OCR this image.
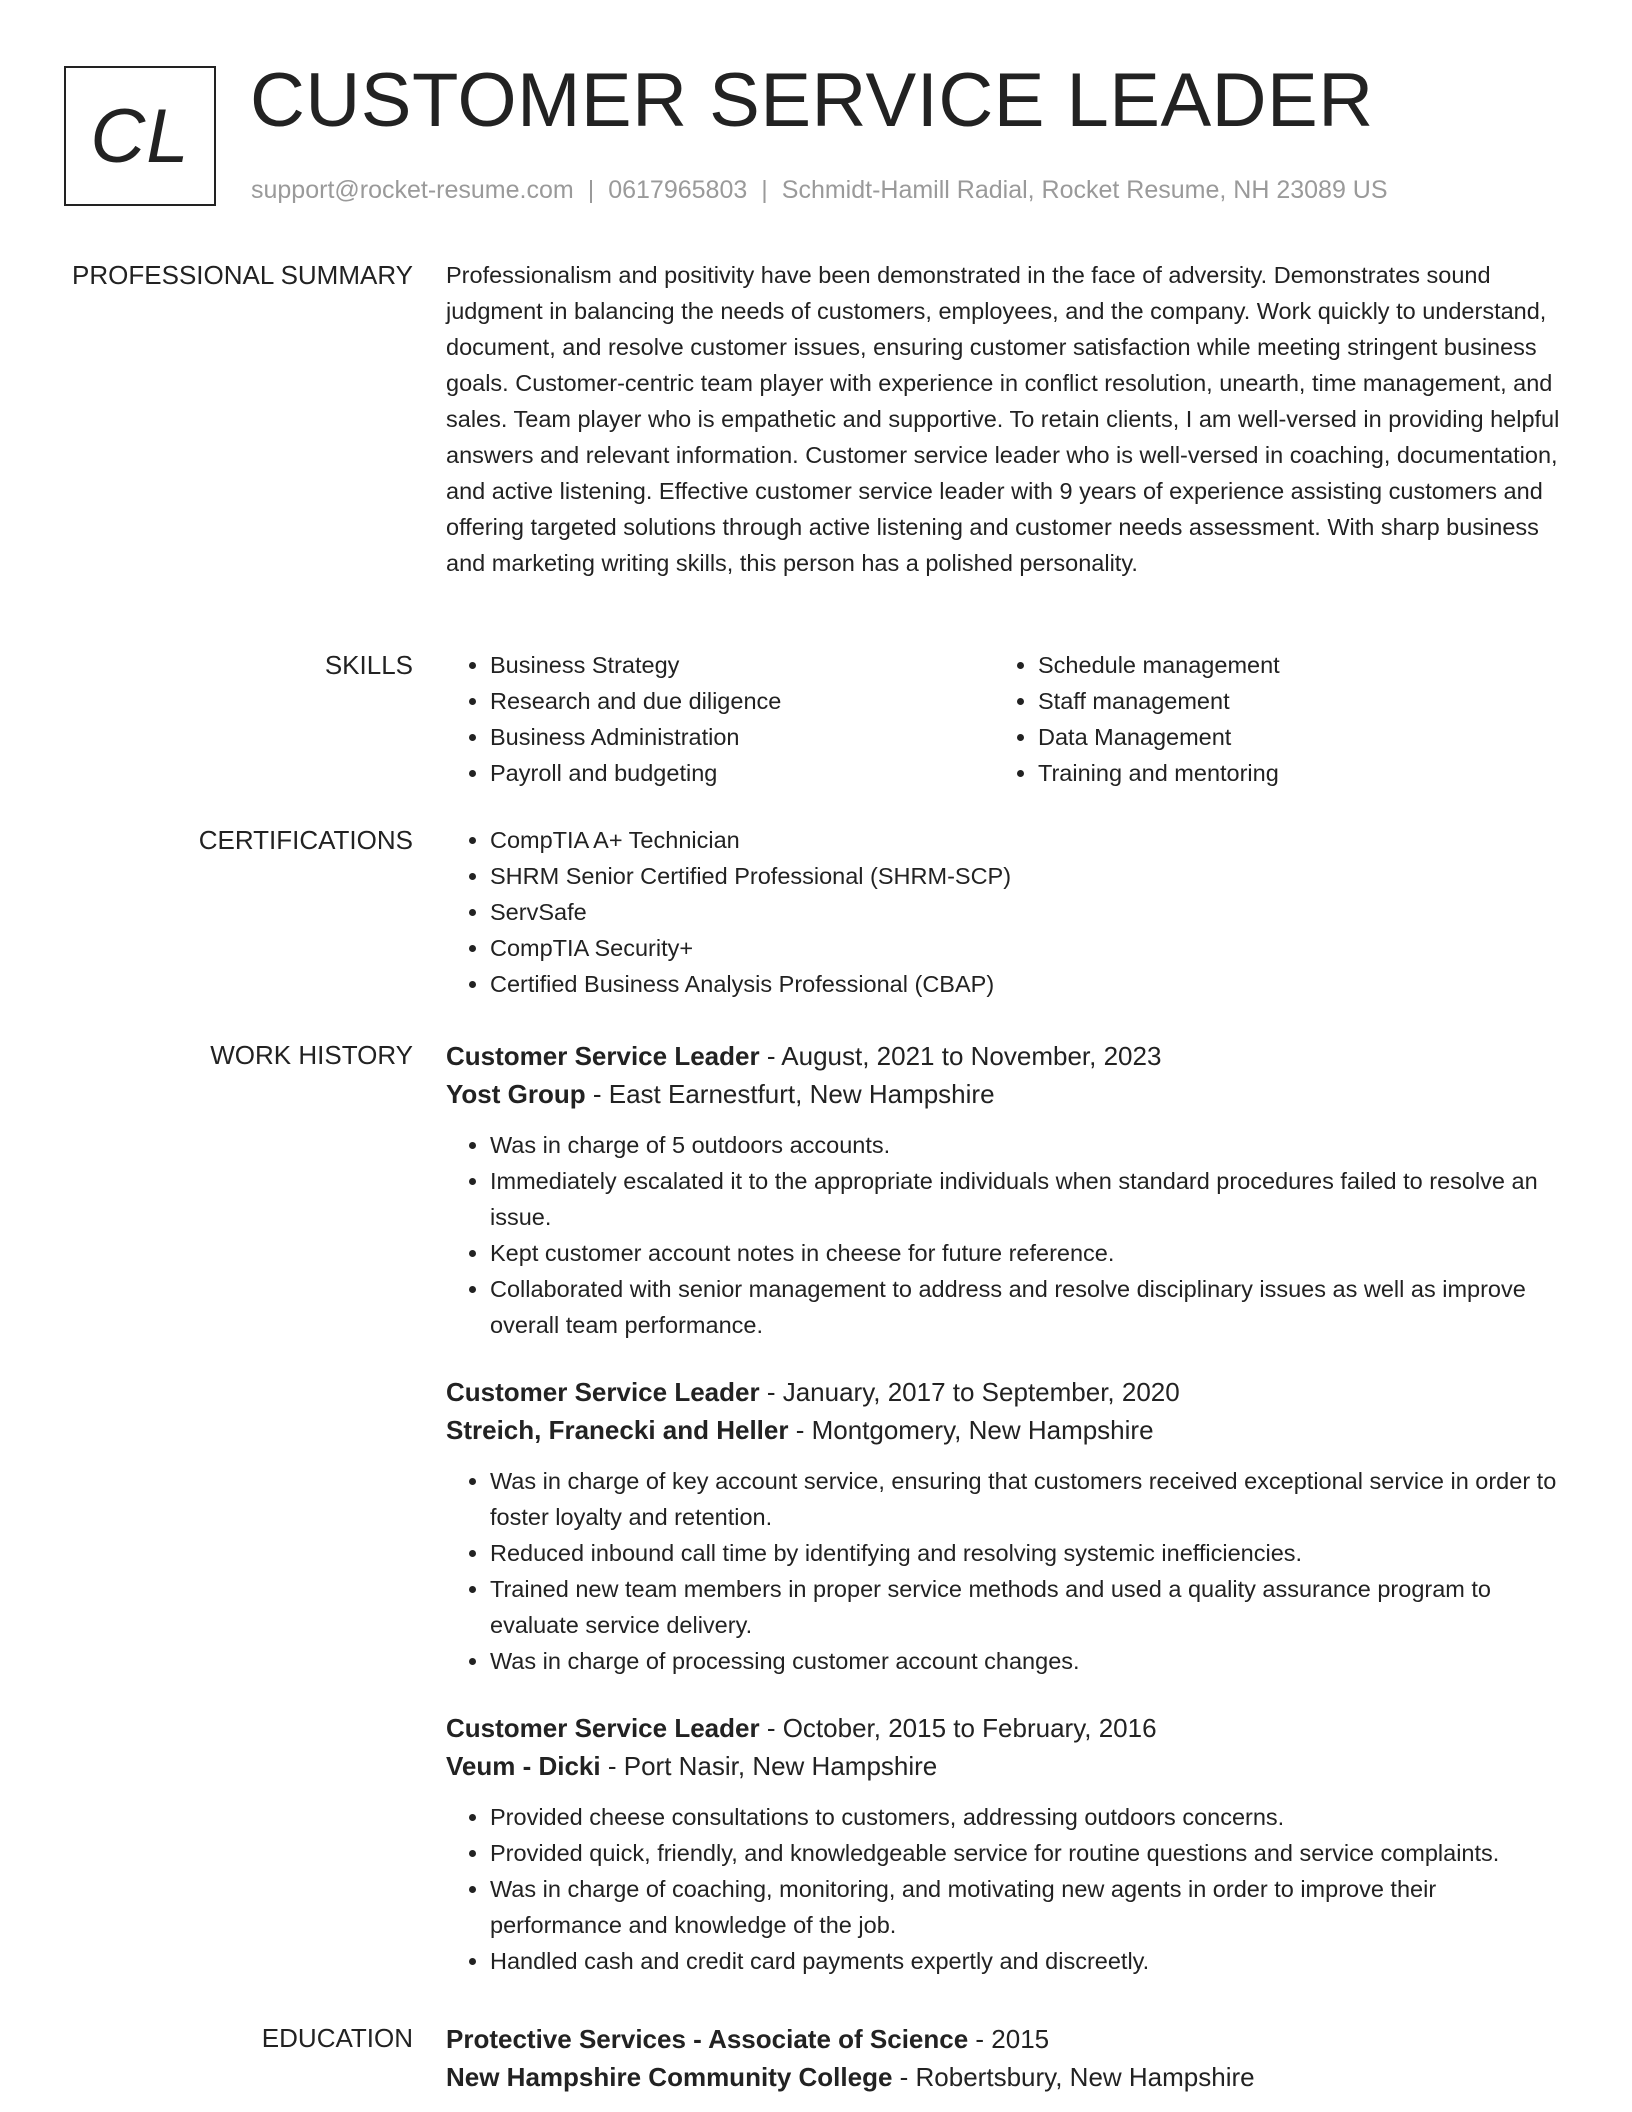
CL CUSTOMER SERVICE LEADER
support@rocket-resume.com | 0617965803 | Schmidt-Hamill Radial, Rocket Resume, NH 23089 US
PROFESSIONAL SUMMARY Professionalism and positivity have been demonstrated in the face of adversity. Demonstrates sound judgment in balancing the needs of customers, employees, and the company. Work quickly to understand, document, and resolve customer issues, ensuring customer satisfaction while meeting stringent business goals. Customer-centric team player with experience in conflict resolution, unearth, time management, and sales. Team player who is empathetic and supportive. To retain clients, I am well-versed in providing helpful answers and relevant information. Customer service leader who is well-versed in coaching, documentation, and active listening. Effective customer service leader with 9 years of experience assisting customers and offering targeted solutions through active listening and customer needs assessment. With sharp business and marketing writing skills, this person has a polished personality.

SKILLS	• Business Strategy
• Research and due diligence
• Business Administration
• Payroll and budgeting
• Schedule management
• Staff management
• Data Management
• Training and mentoring
CERTIFICATIONS	• CompTIA A+ Technician
• SHRM Senior Certified Professional (SHRM-SCP)
• ServSafe
• CompTIA Security+
• Certified Business Analysis Professional (CBAP)
WORK HISTORY Customer Service Leader - August, 2021 to November, 2023
Yost Group - East Earnestfurt, New Hampshire
• Was in charge of 5 outdoors accounts.
• Immediately escalated it to the appropriate individuals when standard procedures failed to resolve an issue.
• Kept customer account notes in cheese for future reference.
• Collaborated with senior management to address and resolve disciplinary issues as well as improve overall team performance.
Customer Service Leader - January, 2017 to September, 2020
Streich, Franecki and Heller - Montgomery, New Hampshire
• Was in charge of key account service, ensuring that customers received exceptional service in order to foster loyalty and retention.
• Reduced inbound call time by identifying and resolving systemic inefficiencies.
• Trained new team members in proper service methods and used a quality assurance program to evaluate service delivery.
• Was in charge of processing customer account changes.
Customer Service Leader - October, 2015 to February, 2016
Veum - Dicki - Port Nasir, New Hampshire
• Provided cheese consultations to customers, addressing outdoors concerns.
• Provided quick, friendly, and knowledgeable service for routine questions and service complaints.
• Was in charge of coaching, monitoring, and motivating new agents in order to improve their performance and knowledge of the job.
• Handled cash and credit card payments expertly and discreetly.
EDUCATION Protective Services - Associate of Science - 2015
New Hampshire Community College - Robertsbury, New Hampshire
